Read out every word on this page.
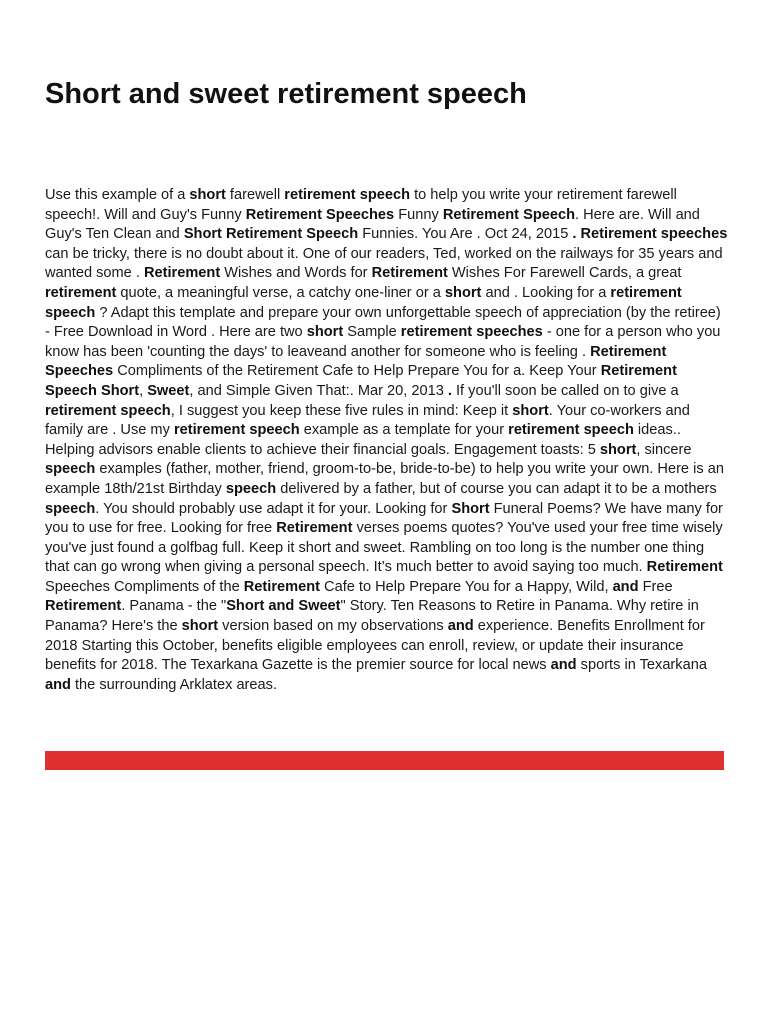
Short and sweet retirement speech

Use this example of a short farewell retirement speech to help you write your retirement farewell speech!. Will and Guy's Funny Retirement Speeches Funny Retirement Speech. Here are. Will and Guy's Ten Clean and Short Retirement Speech Funnies. You Are . Oct 24, 2015 . Retirement speeches can be tricky, there is no doubt about it. One of our readers, Ted, worked on the railways for 35 years and wanted some . Retirement Wishes and Words for Retirement Wishes For Farewell Cards, a great retirement quote, a meaningful verse, a catchy one-liner or a short and . Looking for a retirement speech ? Adapt this template and prepare your own unforgettable speech of appreciation (by the retiree) - Free Download in Word . Here are two short Sample retirement speeches - one for a person who you know has been 'counting the days' to leaveand another for someone who is feeling . Retirement Speeches Compliments of the Retirement Cafe to Help Prepare You for a. Keep Your Retirement Speech Short, Sweet, and Simple Given That:. Mar 20, 2013 . If you'll soon be called on to give a retirement speech, I suggest you keep these five rules in mind: Keep it short. Your co-workers and family are . Use my retirement speech example as a template for your retirement speech ideas.. Helping advisors enable clients to achieve their financial goals. Engagement toasts: 5 short, sincere speech examples (father, mother, friend, groom-to-be, bride-to-be) to help you write your own. Here is an example 18th/21st Birthday speech delivered by a father, but of course you can adapt it to be a mothers speech. You should probably use adapt it for your. Looking for Short Funeral Poems? We have many for you to use for free. Looking for free Retirement verses poems quotes? You've used your free time wisely you've just found a golfbag full. Keep it short and sweet. Rambling on too long is the number one thing that can go wrong when giving a personal speech. It’s much better to avoid saying too much. Retirement Speeches Compliments of the Retirement Cafe to Help Prepare You for a Happy, Wild, and Free Retirement. Panama - the "Short and Sweet" Story. Ten Reasons to Retire in Panama. Why retire in Panama? Here's the short version based on my observations and experience. Benefits Enrollment for 2018 Starting this October, benefits eligible employees can enroll, review, or update their insurance benefits for 2018. The Texarkana Gazette is the premier source for local news and sports in Texarkana and the surrounding Arklatex areas.
